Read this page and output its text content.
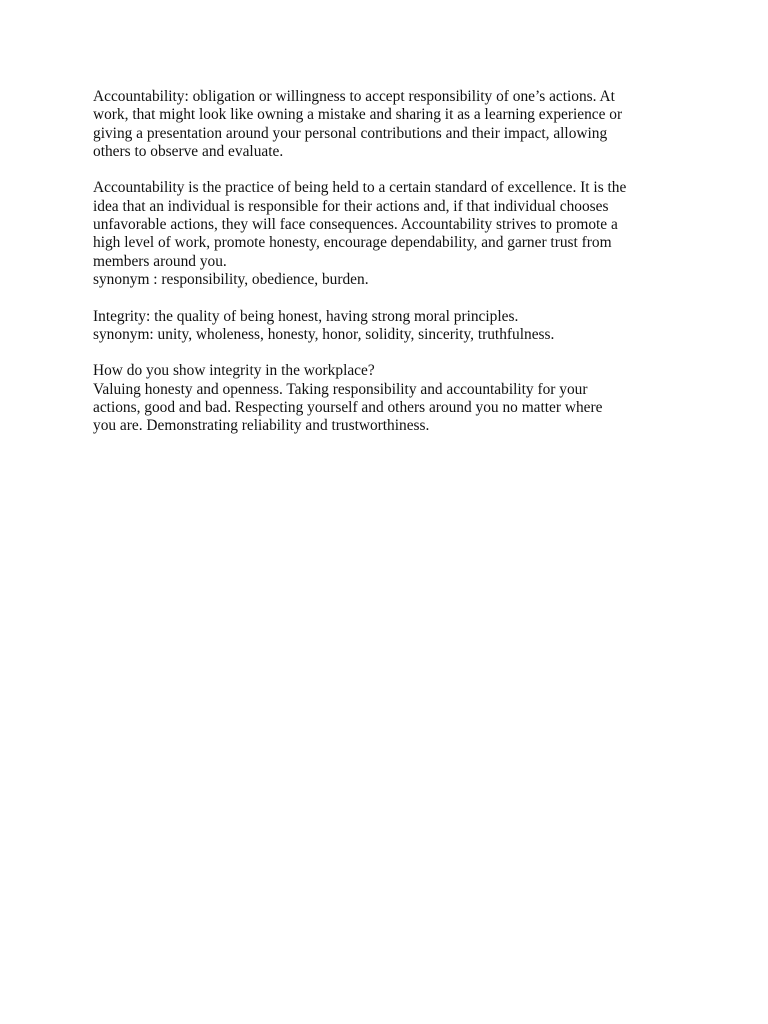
Accountability: obligation or willingness to accept responsibility of one’s actions. At
work, that might look like owning a mistake and sharing it as a learning experience or
giving a presentation around your personal contributions and their impact, allowing
others to observe and evaluate.

Accountability is the practice of being held to a certain standard of excellence. It is the
idea that an individual is responsible for their actions and, if that individual chooses
unfavorable actions, they will face consequences. Accountability strives to promote a
high level of work, promote honesty, encourage dependability, and garner trust from
members around you.
synonym : responsibility, obedience, burden.

Integrity: the quality of being honest, having strong moral principles.
synonym: unity, wholeness, honesty, honor, solidity, sincerity, truthfulness.

How do you show integrity in the workplace?
Valuing honesty and openness. Taking responsibility and accountability for your
actions, good and bad. Respecting yourself and others around you no matter where
you are. Demonstrating reliability and trustworthiness.
